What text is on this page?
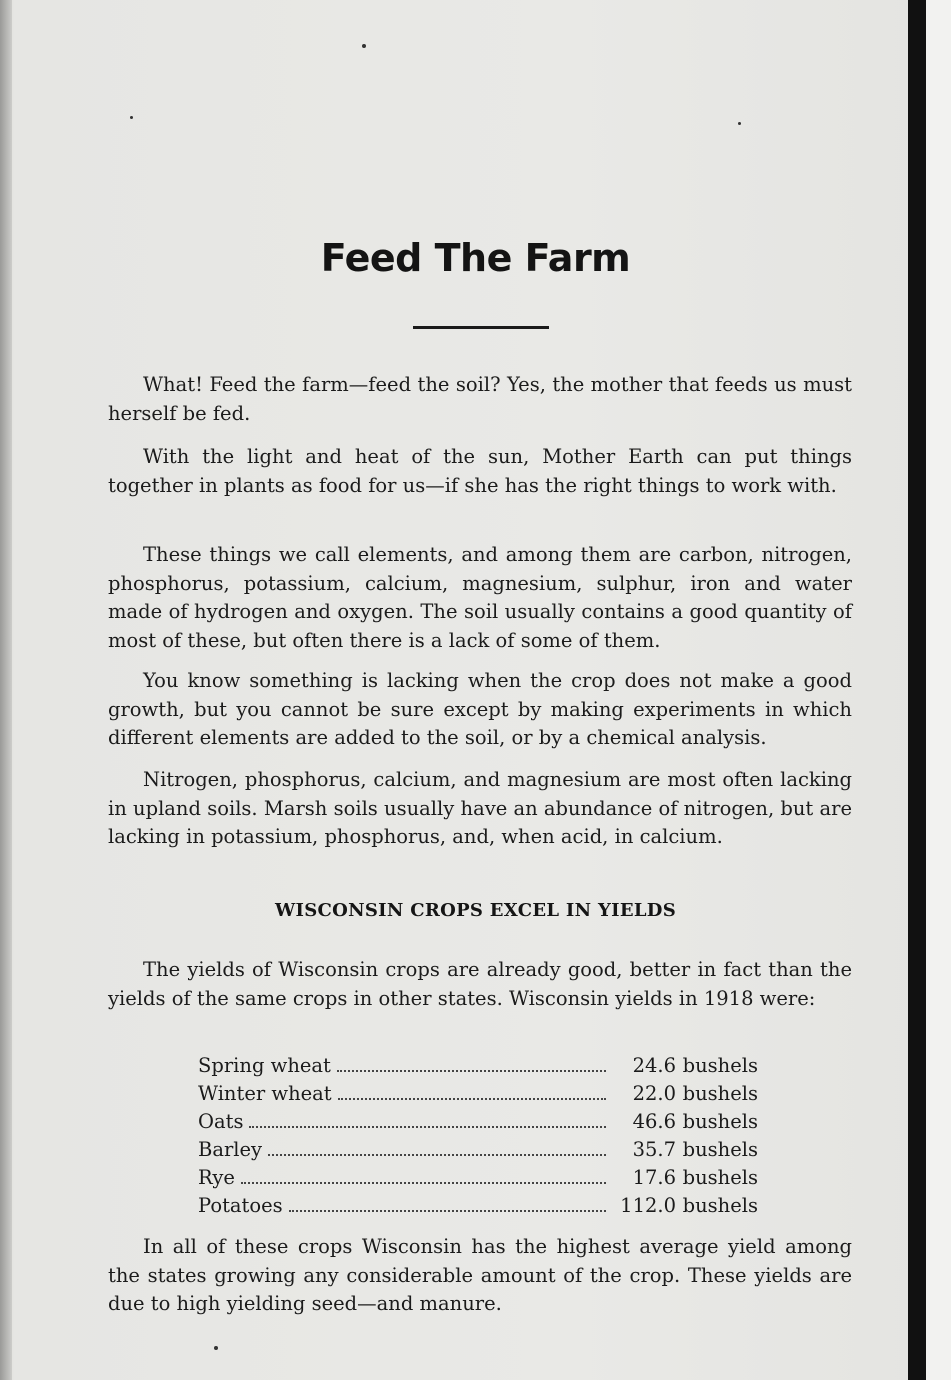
Feed The Farm

What! Feed the farm—feed the soil? Yes, the mother that feeds us must herself be fed.

With the light and heat of the sun, Mother Earth can put things together in plants as food for us—if she has the right things to work with.

These things we call elements, and among them are carbon, nitrogen, phosphorus, potassium, calcium, magnesium, sulphur, iron and water made of hydrogen and oxygen. The soil usually contains a good quantity of most of these, but often there is a lack of some of them.

You know something is lacking when the crop does not make a good growth, but you cannot be sure except by making experiments in which different elements are added to the soil, or by a chemical analysis.

Nitrogen, phosphorus, calcium, and magnesium are most often lacking in upland soils. Marsh soils usually have an abundance of nitrogen, but are lacking in potassium, phosphorus, and, when acid, in calcium.

WISCONSIN CROPS EXCEL IN YIELDS

The yields of Wisconsin crops are already good, better in fact than the yields of the same crops in other states. Wisconsin yields in 1918 were:

Spring wheat	24.6 bushels
Winter wheat	22.0 bushels
Oats	46.6 bushels
Barley	35.7 bushels
Rye	17.6 bushels
Potatoes	112.0 bushels

In all of these crops Wisconsin has the highest average yield among the states growing any considerable amount of the crop. These yields are due to high yielding seed—and manure.
